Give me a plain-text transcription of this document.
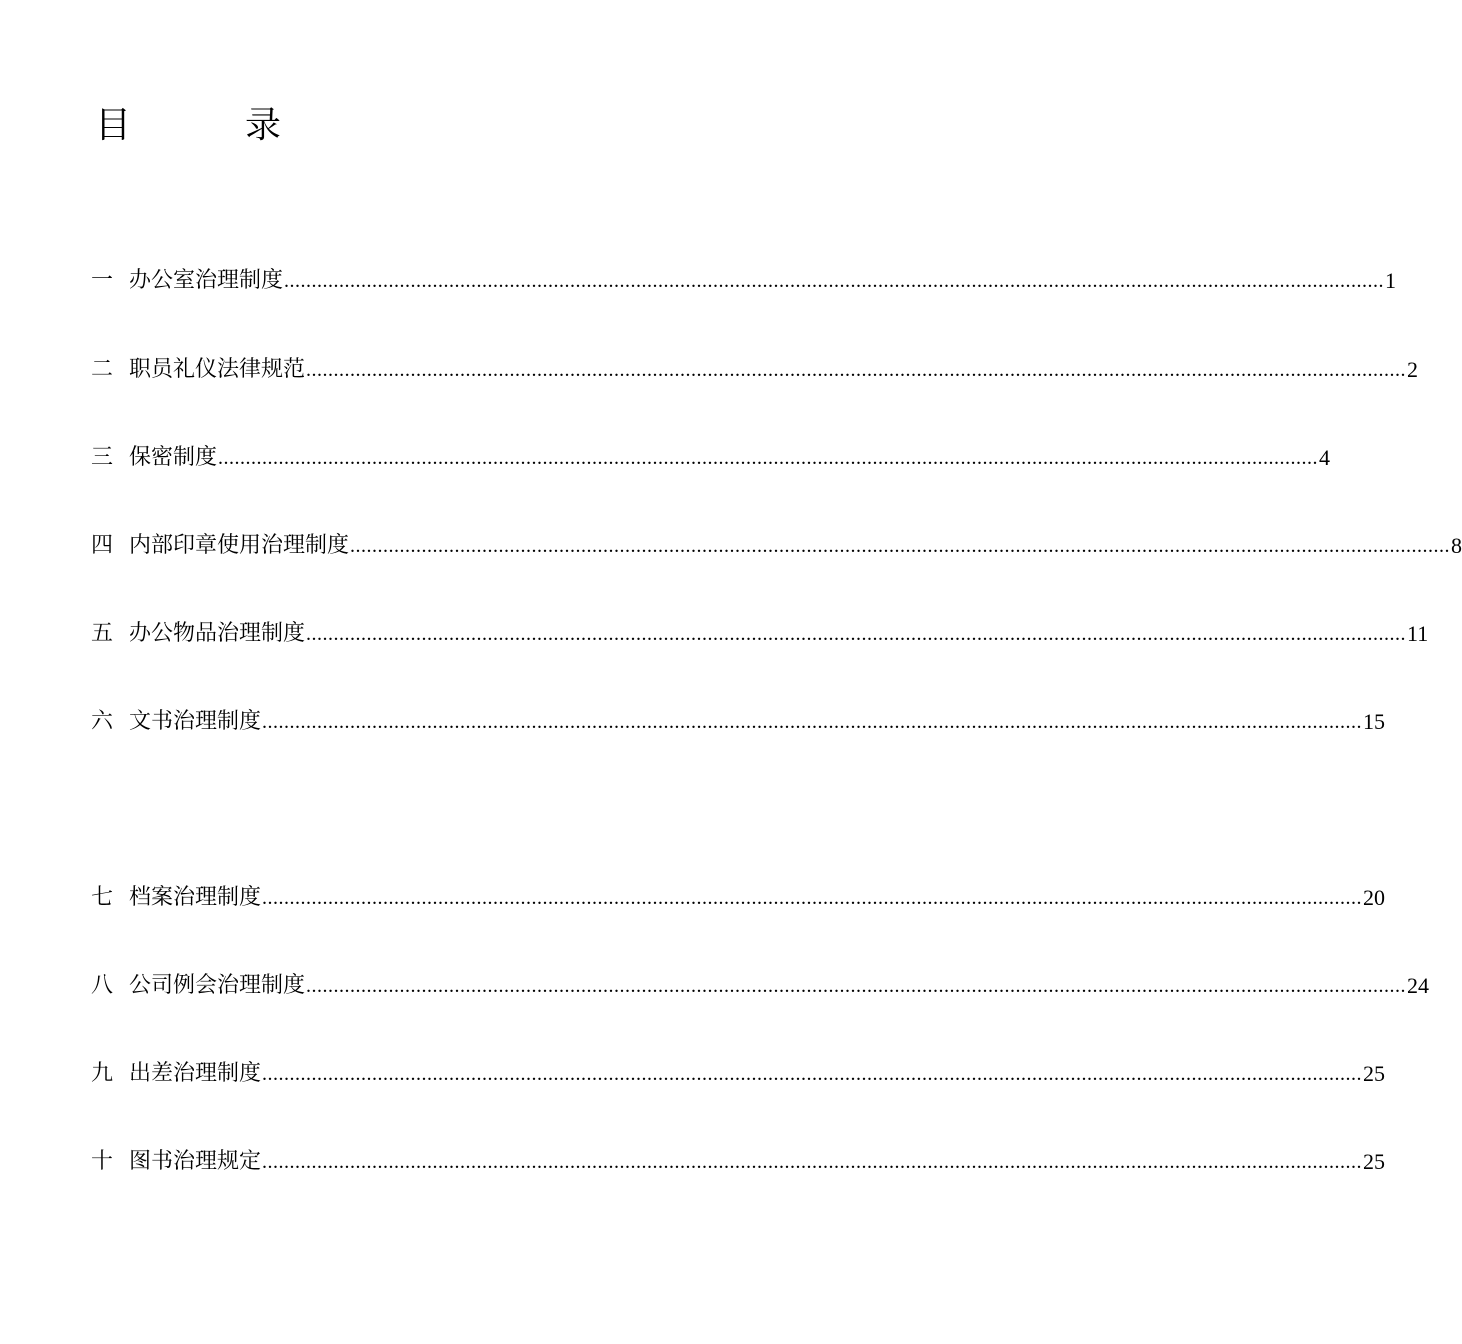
目	录
一 办公室治理制度 ........................................................................................................................................................................................................ 1
二 职员礼仪法律规范 ........................................................................................................................................................................................................ 2
三 保密制度 ........................................................................................................................................................................................................ 4
四 内部印章使用治理制度 ........................................................................................................................................................................................................ 8
五 办公物品治理制度 ........................................................................................................................................................................................................ 11
六 文书治理制度 ........................................................................................................................................................................................................ 15
七 档案治理制度 ........................................................................................................................................................................................................ 20
八 公司例会治理制度 ........................................................................................................................................................................................................ 24
九 出差治理制度 ........................................................................................................................................................................................................ 25
十 图书治理规定 ........................................................................................................................................................................................................ 25
